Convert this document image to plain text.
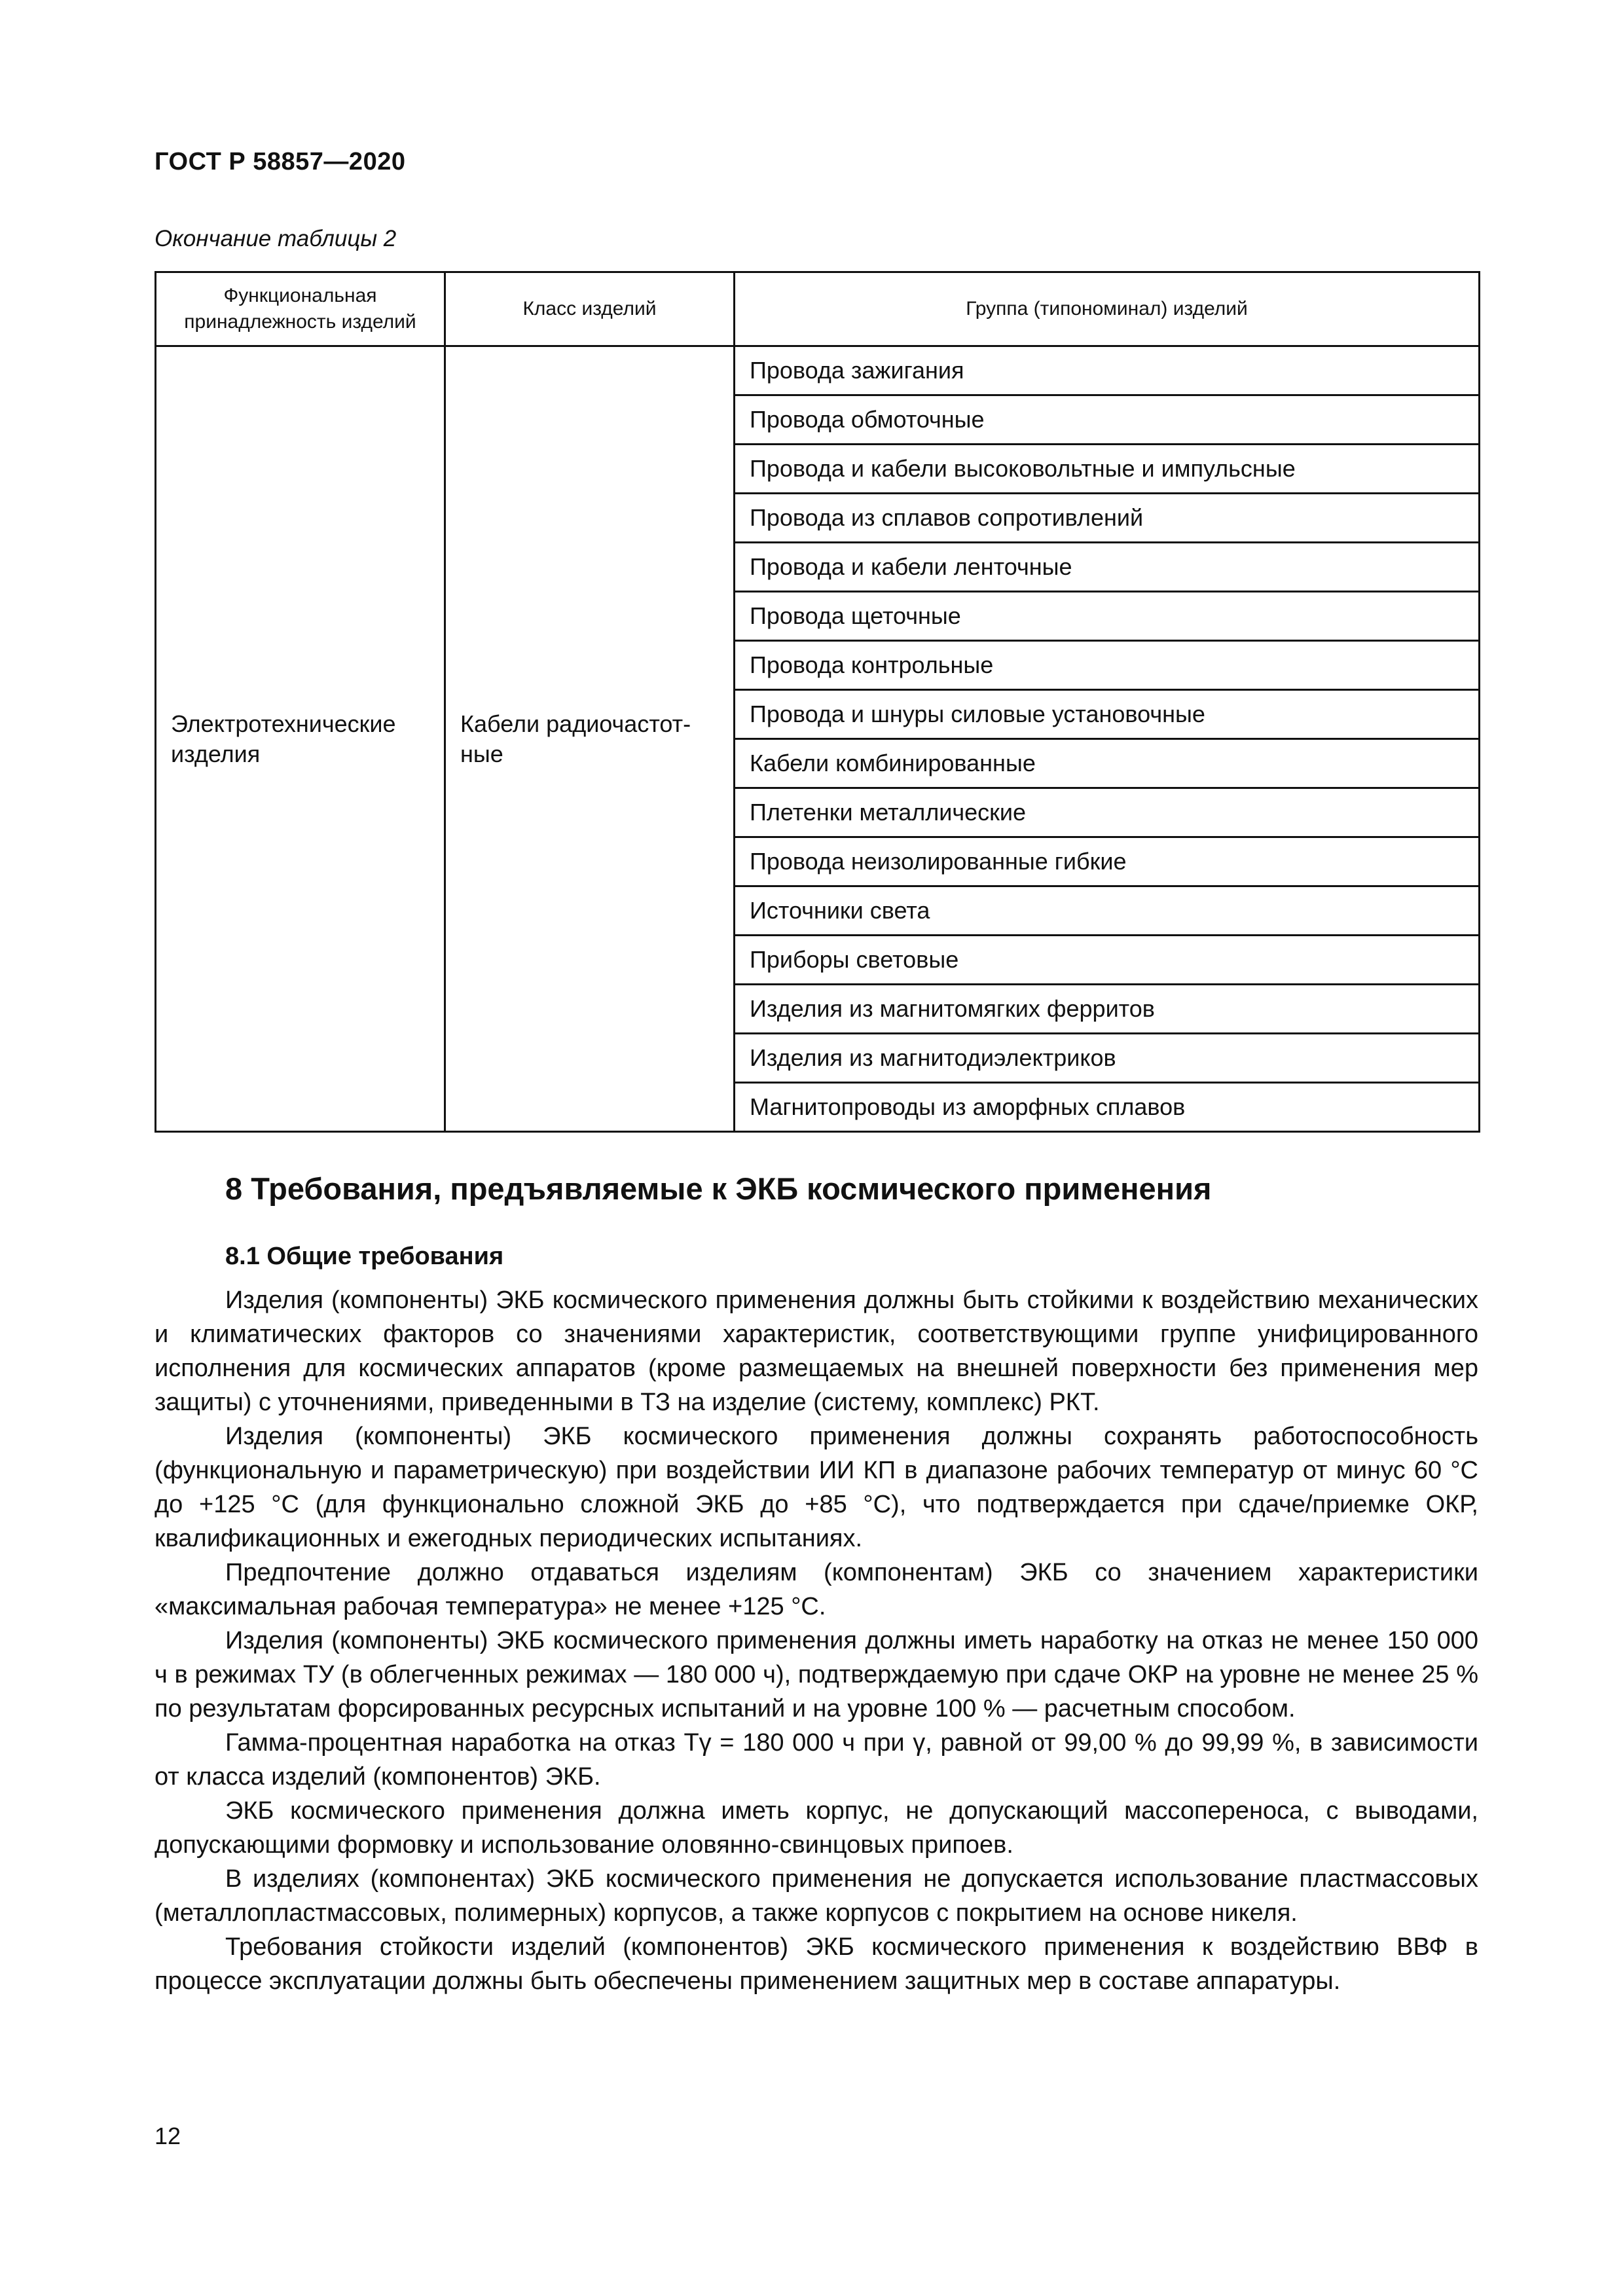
ГОСТ Р 58857—2020
Окончание таблицы 2
Функциональная принадлежность изделий	Класс изделий	Группа (типономинал) изделий
Электротехнические изделия	Кабели радиочастот-ные	Провода зажигания
		Провода обмоточные
		Провода и кабели высоковольтные и импульсные
		Провода из сплавов сопротивлений
		Провода и кабели ленточные
		Провода щеточные
		Провода контрольные
		Провода и шнуры силовые установочные
		Кабели комбинированные
		Плетенки металлические
		Провода неизолированные гибкие
		Источники света
		Приборы световые
		Изделия из магнитомягких ферритов
		Изделия из магнитодиэлектриков
		Магнитопроводы из аморфных сплавов
8 Требования, предъявляемые к ЭКБ космического применения
8.1 Общие требования

Изделия (компоненты) ЭКБ космического применения должны быть стойкими к воздействию механических и климатических факторов со значениями характеристик, соответствующими группе унифицированного исполнения для космических аппаратов (кроме размещаемых на внешней поверхности без применения мер защиты) с уточнениями, приведенными в ТЗ на изделие (систему, комплекс) РКТ.

Изделия (компоненты) ЭКБ космического применения должны сохранять работоспособность (функциональную и параметрическую) при воздействии ИИ КП в диапазоне рабочих температур от минус 60 °С до +125 °С (для функционально сложной ЭКБ до +85 °С), что подтверждается при сдаче/приемке ОКР, квалификационных и ежегодных периодических испытаниях.

Предпочтение должно отдаваться изделиям (компонентам) ЭКБ со значением характеристики «максимальная рабочая температура» не менее +125 °С.

Изделия (компоненты) ЭКБ космического применения должны иметь наработку на отказ не менее 150 000 ч в режимах ТУ (в облегченных режимах — 180 000 ч), подтверждаемую при сдаче ОКР на уровне не менее 25 % по результатам форсированных ресурсных испытаний и на уровне 100 % — расчетным способом.

Гамма-процентная наработка на отказ Tγ = 180 000 ч при γ, равной от 99,00 % до 99,99 %, в зависимости от класса изделий (компонентов) ЭКБ.

ЭКБ космического применения должна иметь корпус, не допускающий массопереноса, с выводами, допускающими формовку и использование оловянно-свинцовых припоев.

В изделиях (компонентах) ЭКБ космического применения не допускается использование пластмассовых (металлопластмассовых, полимерных) корпусов, а также корпусов с покрытием на основе никеля.

Требования стойкости изделий (компонентов) ЭКБ космического применения к воздействию ВВФ в процессе эксплуатации должны быть обеспечены применением защитных мер в составе аппаратуры.

12
